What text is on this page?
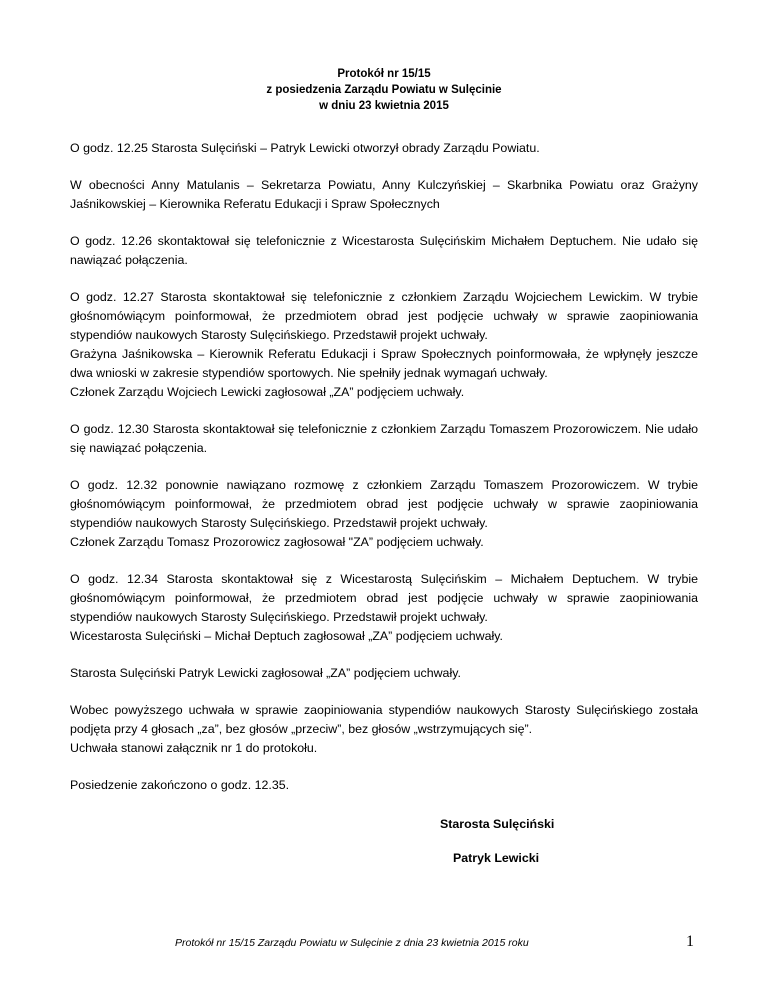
Protokół nr 15/15
z posiedzenia Zarządu Powiatu w Sulęcinie
w dniu 23 kwietnia 2015

O godz. 12.25 Starosta Sulęciński – Patryk Lewicki otworzył obrady Zarządu Powiatu.

W obecności Anny Matulanis – Sekretarza Powiatu, Anny Kulczyńskiej – Skarbnika Powiatu oraz Grażyny Jaśnikowskiej – Kierownika Referatu Edukacji i Spraw Społecznych

O godz. 12.26 skontaktował się telefonicznie z Wicestarosta Sulęcińskim Michałem Deptuchem. Nie udało się nawiązać połączenia.

O godz. 12.27 Starosta skontaktował się telefonicznie z członkiem Zarządu Wojciechem Lewickim. W trybie głośnomówiącym poinformował, że przedmiotem obrad jest podjęcie uchwały w sprawie zaopiniowania stypendiów naukowych Starosty Sulęcińskiego. Przedstawił projekt uchwały.
Grażyna Jaśnikowska – Kierownik Referatu Edukacji i Spraw Społecznych poinformowała, że wpłynęły jeszcze dwa wnioski w zakresie stypendiów sportowych. Nie spełniły jednak wymagań uchwały.
Członek Zarządu Wojciech Lewicki zagłosował „ZA” podjęciem uchwały.

O godz. 12.30 Starosta skontaktował się telefonicznie z członkiem Zarządu Tomaszem Prozorowiczem. Nie udało się nawiązać połączenia.

O godz. 12.32 ponownie nawiązano rozmowę z członkiem Zarządu Tomaszem Prozorowiczem. W trybie głośnomówiącym poinformował, że przedmiotem obrad jest podjęcie uchwały w sprawie zaopiniowania stypendiów naukowych Starosty Sulęcińskiego. Przedstawił projekt uchwały.
Członek Zarządu Tomasz Prozorowicz zagłosował "ZA” podjęciem uchwały.

O godz. 12.34 Starosta skontaktował się z Wicestarostą Sulęcińskim – Michałem Deptuchem. W trybie głośnomówiącym poinformował, że przedmiotem obrad jest podjęcie uchwały w sprawie zaopiniowania stypendiów naukowych Starosty Sulęcińskiego. Przedstawił projekt uchwały.
Wicestarosta Sulęciński – Michał Deptuch zagłosował „ZA” podjęciem uchwały.

Starosta Sulęciński Patryk Lewicki zagłosował „ZA” podjęciem uchwały.

Wobec powyższego uchwała w sprawie zaopiniowania stypendiów naukowych Starosty Sulęcińskiego została podjęta przy 4 głosach „za”, bez głosów „przeciw”, bez głosów „wstrzymujących się”.
Uchwała stanowi załącznik nr 1 do protokołu.

Posiedzenie zakończono o godz. 12.35.

Starosta Sulęciński
Patryk Lewicki
Protokół nr 15/15 Zarządu Powiatu w Sulęcinie z dnia 23 kwietnia 2015 roku	1
